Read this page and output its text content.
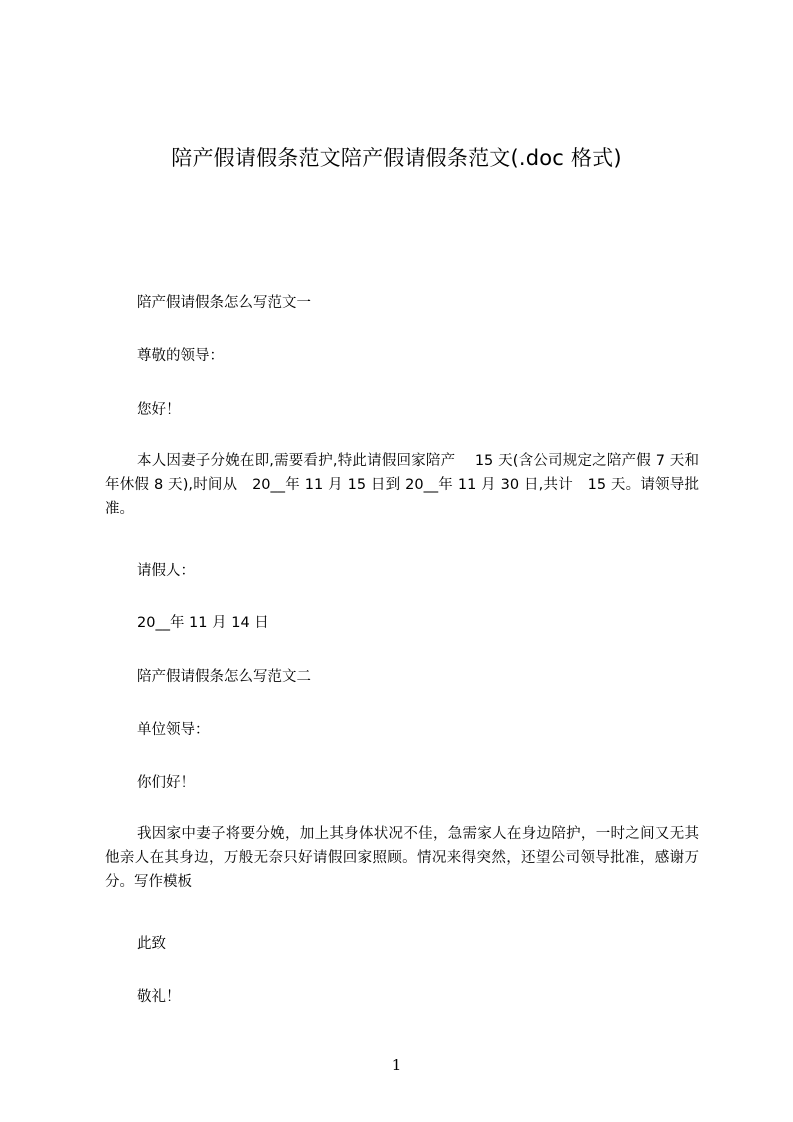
陪产假请假条范文陪产假请假条范文(.doc 格式)
陪产假请假条怎么写范文一
尊敬的领导：
您好！
本人因妻子分娩在即,需要看护,特此请假回家陪产　 15 天(含公司规定之陪产假 7 天和年休假 8 天),时间从　20__年 11 月 15 日到 20__年 11 月 30 日,共计　15 天。请领导批准。
请假人：
20__年 11 月 14 日
陪产假请假条怎么写范文二
单位领导：
你们好！
我因家中妻子将要分娩，加上其身体状况不佳，急需家人在身边陪护，一时之间又无其他亲人在其身边，万般无奈只好请假回家照顾。情况来得突然，还望公司领导批准，感谢万分。写作模板
此致
敬礼！
1
